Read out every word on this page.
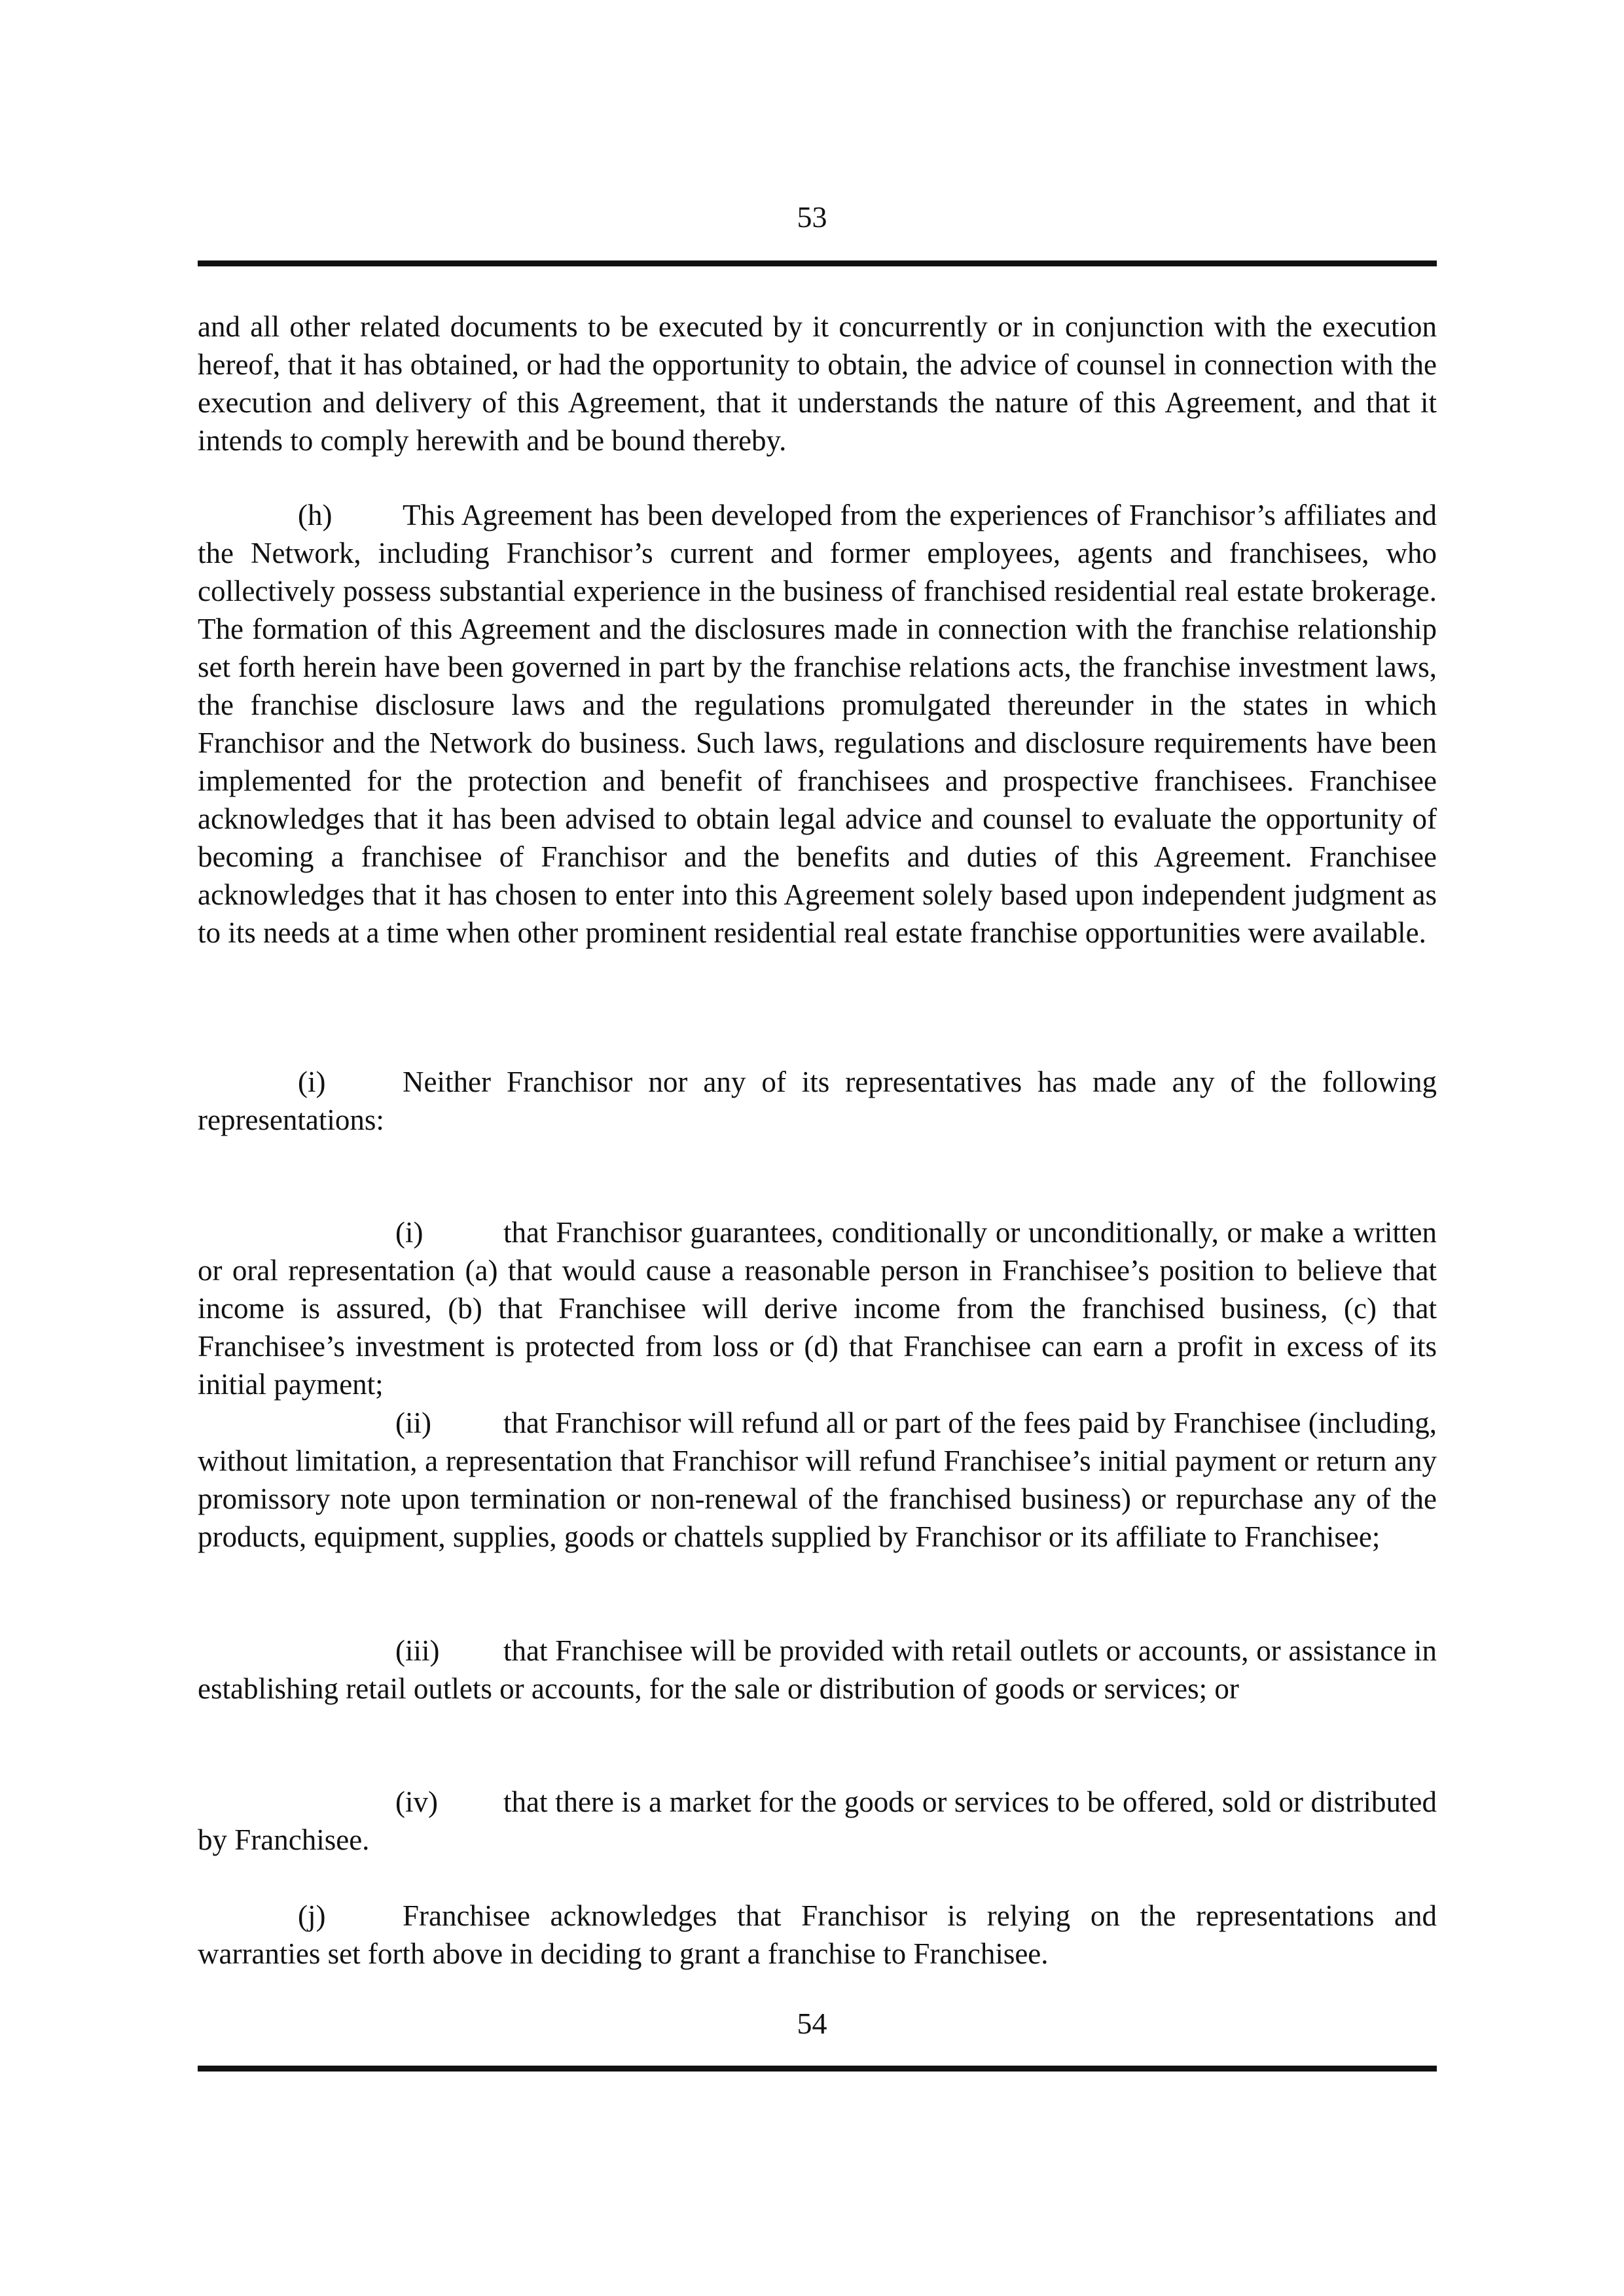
53

and all other related documents to be executed by it concurrently or in conjunction with the execution hereof, that it has obtained, or had the opportunity to obtain, the advice of counsel in connection with the execution and delivery of this Agreement, that it understands the nature of this Agreement, and that it intends to comply herewith and be bound thereby.

(h) This Agreement has been developed from the experiences of Franchisor’s affiliates and the Network, including Franchisor’s current and former employees, agents and franchisees, who collectively possess substantial experience in the business of franchised residential real estate brokerage. The formation of this Agreement and the disclosures made in connection with the franchise relationship set forth herein have been governed in part by the franchise relations acts, the franchise investment laws, the franchise disclosure laws and the regulations promulgated thereunder in the states in which Franchisor and the Network do business. Such laws, regulations and disclosure requirements have been implemented for the protection and benefit of franchisees and prospective franchisees. Franchisee acknowledges that it has been advised to obtain legal advice and counsel to evaluate the opportunity of becoming a franchisee of Franchisor and the benefits and duties of this Agreement. Franchisee acknowledges that it has chosen to enter into this Agreement solely based upon independent judgment as to its needs at a time when other prominent residential real estate franchise opportunities were available.

(i)	Neither Franchisor nor any of its representatives has made any of the following representations:

(i)	that Franchisor guarantees, conditionally or unconditionally, or make a written or oral representation (a) that would cause a reasonable person in Franchisee’s position to believe that income is assured, (b) that Franchisee will derive income from the franchised business, (c) that Franchisee’s investment is protected from loss or (d) that Franchisee can earn a profit in excess of its initial payment;

(ii) that Franchisor will refund all or part of the fees paid by Franchisee (including, without limitation, a representation that Franchisor will refund Franchisee’s initial payment or return any promissory note upon termination or non-renewal of the franchised business) or repurchase any of the products, equipment, supplies, goods or chattels supplied by Franchisor or its affiliate to Franchisee;

(iii) that Franchisee will be provided with retail outlets or accounts, or assistance in establishing retail outlets or accounts, for the sale or distribution of goods or services; or

(iv) that there is a market for the goods or services to be offered, sold or distributed by Franchisee.

(j)	Franchisee acknowledges that Franchisor is relying on the representations and warranties set forth above in deciding to grant a franchise to Franchisee.

54
